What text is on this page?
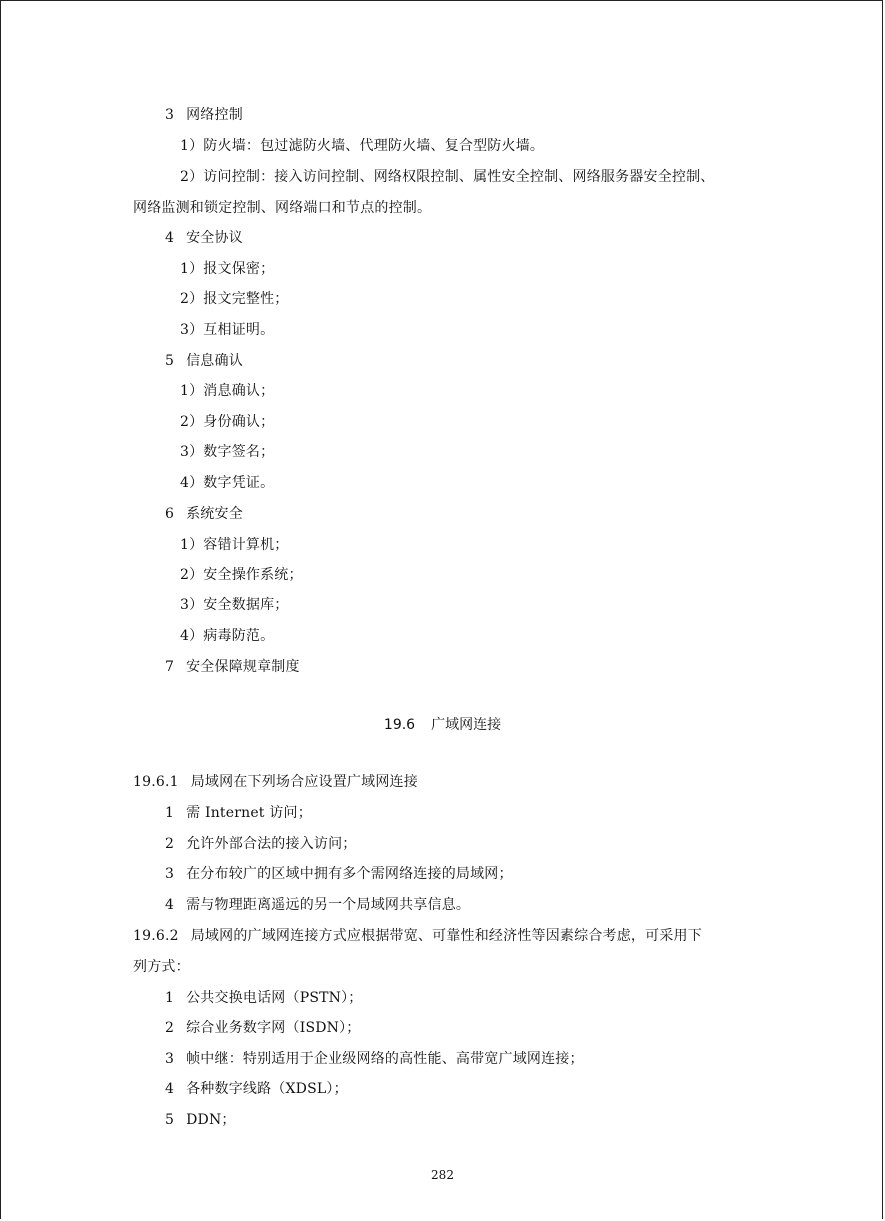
3 网络控制
1）防火墙：包过滤防火墙、代理防火墙、复合型防火墙。
2）访问控制：接入访问控制、网络权限控制、属性安全控制、网络服务器安全控制、
网络监测和锁定控制、网络端口和节点的控制。
4 安全协议
1）报文保密；
2）报文完整性；
3）互相证明。
5 信息确认
1）消息确认；
2）身份确认；
3）数字签名；
4）数字凭证。
6 系统安全
1）容错计算机；
2）安全操作系统；
3）安全数据库；
4）病毒防范。
7 安全保障规章制度
19.6 广域网连接
19.6.1 局域网在下列场合应设置广域网连接
1 需 Internet 访问；
2 允许外部合法的接入访问；
3 在分布较广的区域中拥有多个需网络连接的局域网；
4 需与物理距离遥远的另一个局域网共享信息。
19.6.2 局域网的广域网连接方式应根据带宽、可靠性和经济性等因素综合考虑，可采用下
列方式：
1 公共交换电话网（PSTN）；
2 综合业务数字网（ISDN）；
3 帧中继：特别适用于企业级网络的高性能、高带宽广域网连接；
4 各种数字线路（XDSL）；
5 DDN；
282
